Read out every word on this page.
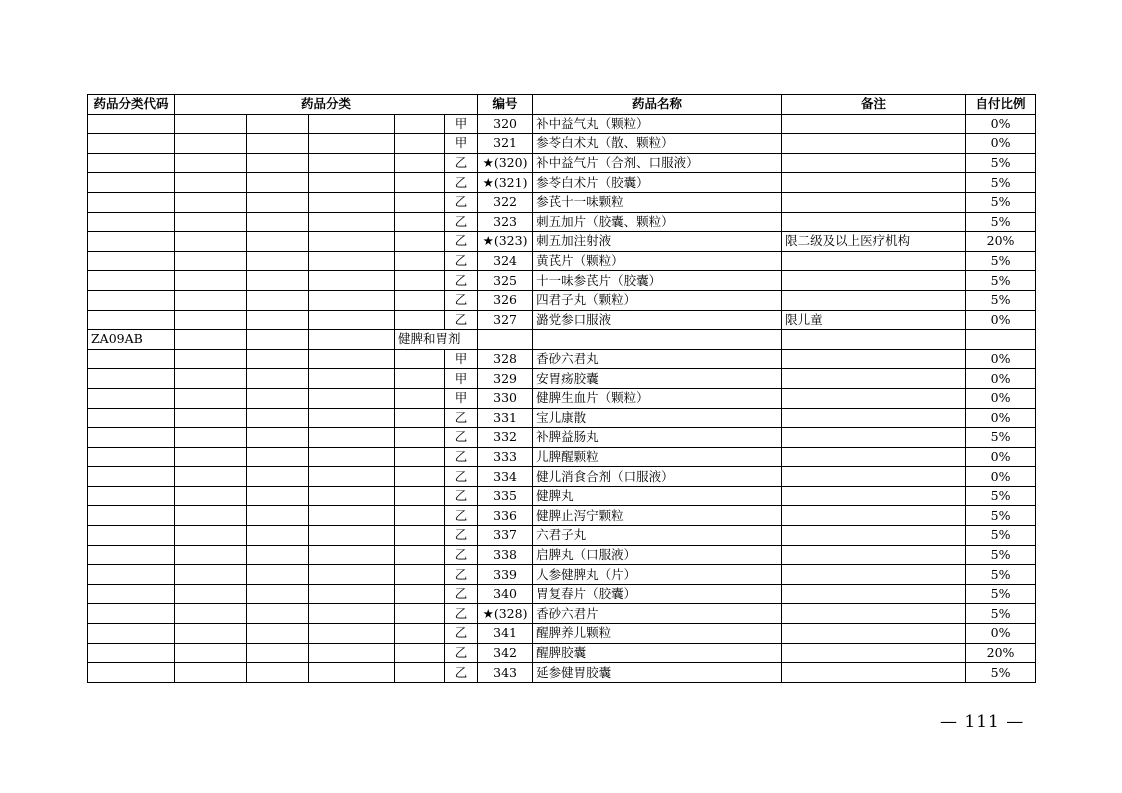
药品分类代码	药品分类					编号	药品名称	备注	自付比例
					甲	320	补中益气丸（颗粒）		0%
					甲	321	参苓白术丸（散、颗粒）		0%
					乙	★(320)	补中益气片（合剂、口服液）		5%
					乙	★(321)	参苓白术片（胶囊）		5%
					乙	322	参芪十一味颗粒		5%
					乙	323	刺五加片（胶囊、颗粒）		5%
					乙	★(323)	刺五加注射液	限二级及以上医疗机构	20%
					乙	324	黄芪片（颗粒）		5%
					乙	325	十一味参芪片（胶囊）		5%
					乙	326	四君子丸（颗粒）		5%
					乙	327	潞党参口服液	限儿童	0%
ZA09AB				健脾和胃剂					
					甲	328	香砂六君丸		0%
					甲	329	安胃疡胶囊		0%
					甲	330	健脾生血片（颗粒）		0%
					乙	331	宝儿康散		0%
					乙	332	补脾益肠丸		5%
					乙	333	儿脾醒颗粒		0%
					乙	334	健儿消食合剂（口服液）		0%
					乙	335	健脾丸		5%
					乙	336	健脾止泻宁颗粒		5%
					乙	337	六君子丸		5%
					乙	338	启脾丸（口服液）		5%
					乙	339	人参健脾丸（片）		5%
					乙	340	胃复春片（胶囊）		5%
					乙	★(328)	香砂六君片		5%
					乙	341	醒脾养儿颗粒		0%
					乙	342	醒脾胶囊		20%
					乙	343	延参健胃胶囊		5%
— 111 —
